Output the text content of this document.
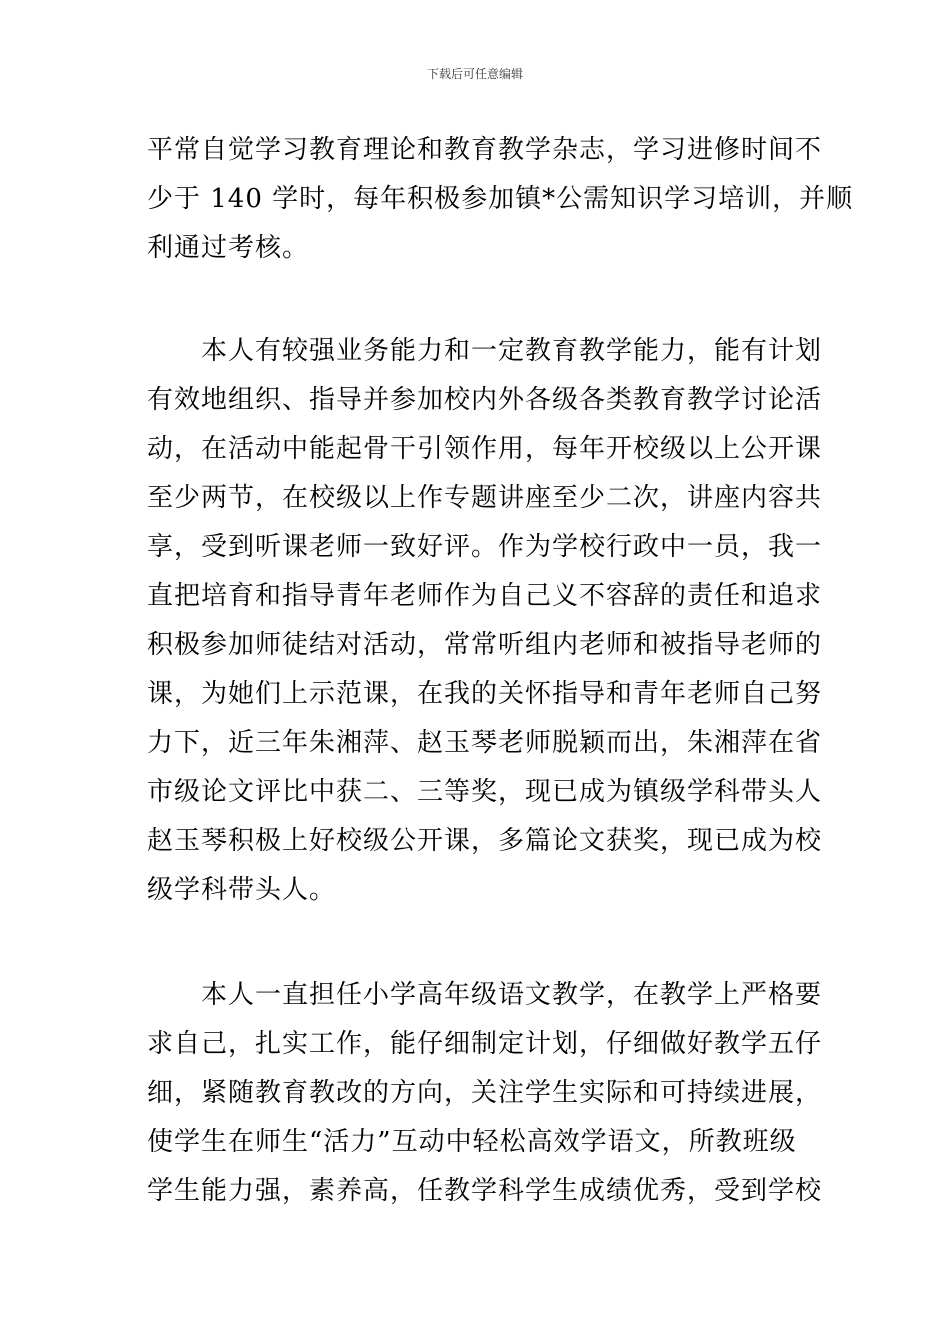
下载后可任意编辑
平常自觉学习教育理论和教育教学杂志，学习进修时间不
少于 140 学时，每年积极参加镇*公需知识学习培训，并顺
利通过考核。
本人有较强业务能力和一定教育教学能力，能有计划
有效地组织、指导并参加校内外各级各类教育教学讨论活
动，在活动中能起骨干引领作用，每年开校级以上公开课
至少两节，在校级以上作专题讲座至少二次，讲座内容共
享，受到听课老师一致好评。作为学校行政中一员，我一
直把培育和指导青年老师作为自己义不容辞的责任和追求
积极参加师徒结对活动，常常听组内老师和被指导老师的
课，为她们上示范课，在我的关怀指导和青年老师自己努
力下，近三年朱湘萍、赵玉琴老师脱颖而出，朱湘萍在省
市级论文评比中获二、三等奖，现已成为镇级学科带头人
赵玉琴积极上好校级公开课，多篇论文获奖，现已成为校
级学科带头人。
本人一直担任小学高年级语文教学，在教学上严格要
求自己，扎实工作，能仔细制定计划，仔细做好教学五仔
细，紧随教育教改的方向，关注学生实际和可持续进展，
使学生在师生“活力”互动中轻松高效学语文，所教班级
学生能力强，素养高，任教学科学生成绩优秀，受到学校
